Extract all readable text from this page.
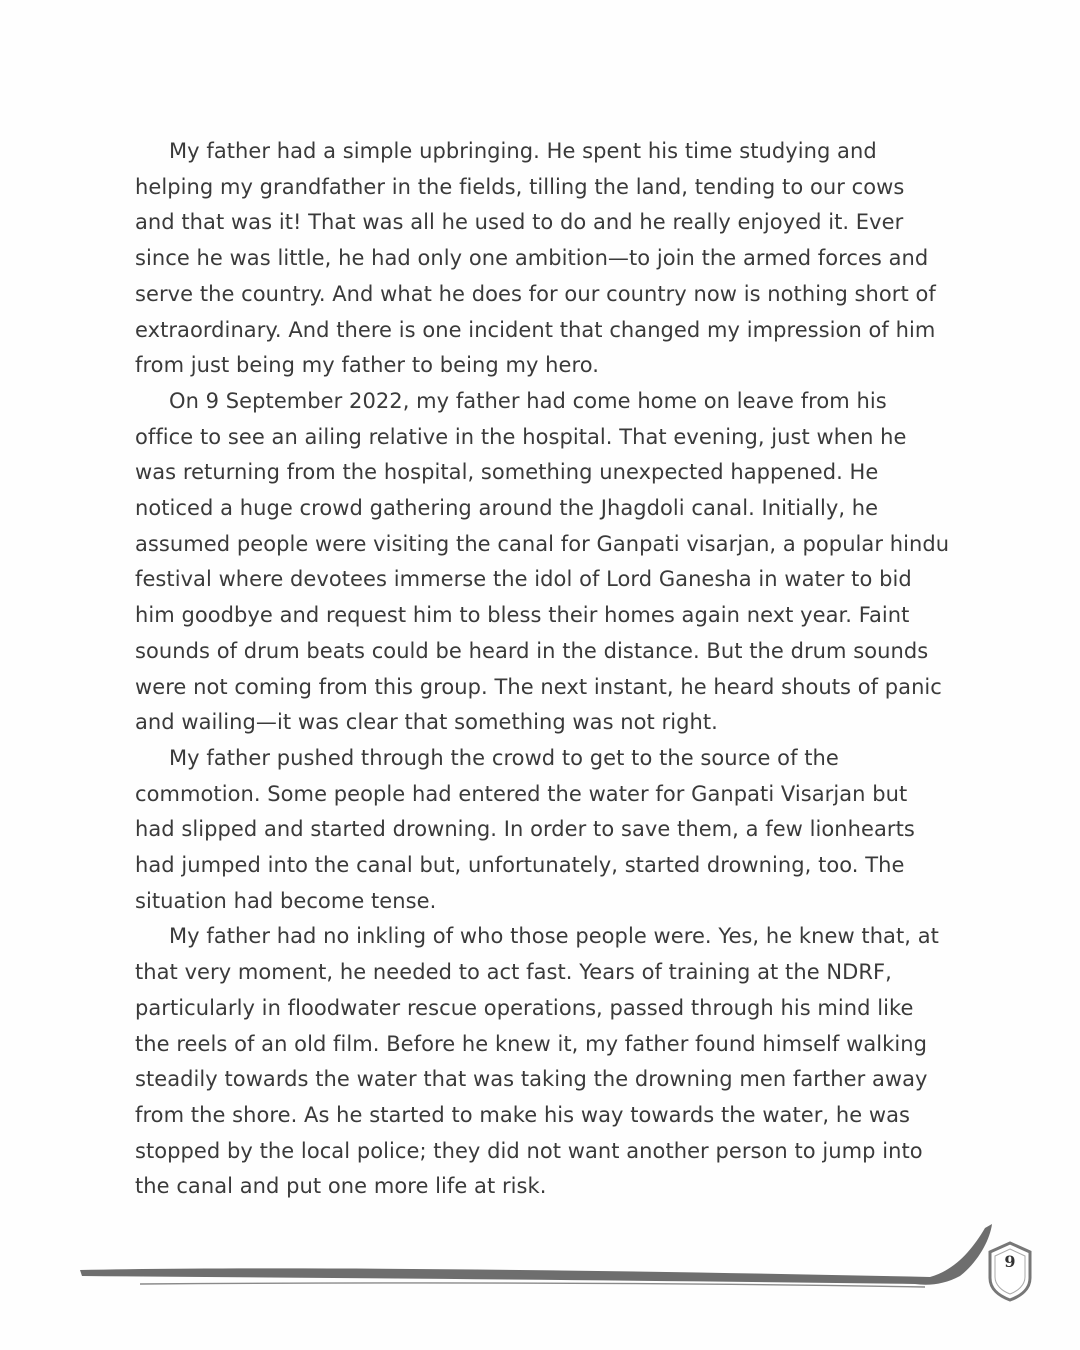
My father had a simple upbringing. He spent his time studying and helping my grandfather in the fields, tilling the land, tending to our cows and that was it! That was all he used to do and he really enjoyed it. Ever since he was little, he had only one ambition—to join the armed forces and serve the country. And what he does for our country now is nothing short of extraordinary. And there is one incident that changed my impression of him from just being my father to being my hero.

On 9 September 2022, my father had come home on leave from his office to see an ailing relative in the hospital. That evening, just when he was returning from the hospital, something unexpected happened. He noticed a huge crowd gathering around the Jhagdoli canal. Initially, he assumed people were visiting the canal for Ganpati visarjan, a popular hindu festival where devotees immerse the idol of Lord Ganesha in water to bid him goodbye and request him to bless their homes again next year. Faint sounds of drum beats could be heard in the distance. But the drum sounds were not coming from this group. The next instant, he heard shouts of panic and wailing—it was clear that something was not right.

My father pushed through the crowd to get to the source of the commotion. Some people had entered the water for Ganpati Visarjan but had slipped and started drowning. In order to save them, a few lionhearts had jumped into the canal but, unfortunately, started drowning, too. The situation had become tense.

My father had no inkling of who those people were. Yes, he knew that, at that very moment, he needed to act fast. Years of training at the NDRF, particularly in floodwater rescue operations, passed through his mind like the reels of an old film. Before he knew it, my father found himself walking steadily towards the water that was taking the drowning men farther away from the shore. As he started to make his way towards the water, he was stopped by the local police; they did not want another person to jump into the canal and put one more life at risk.

9
